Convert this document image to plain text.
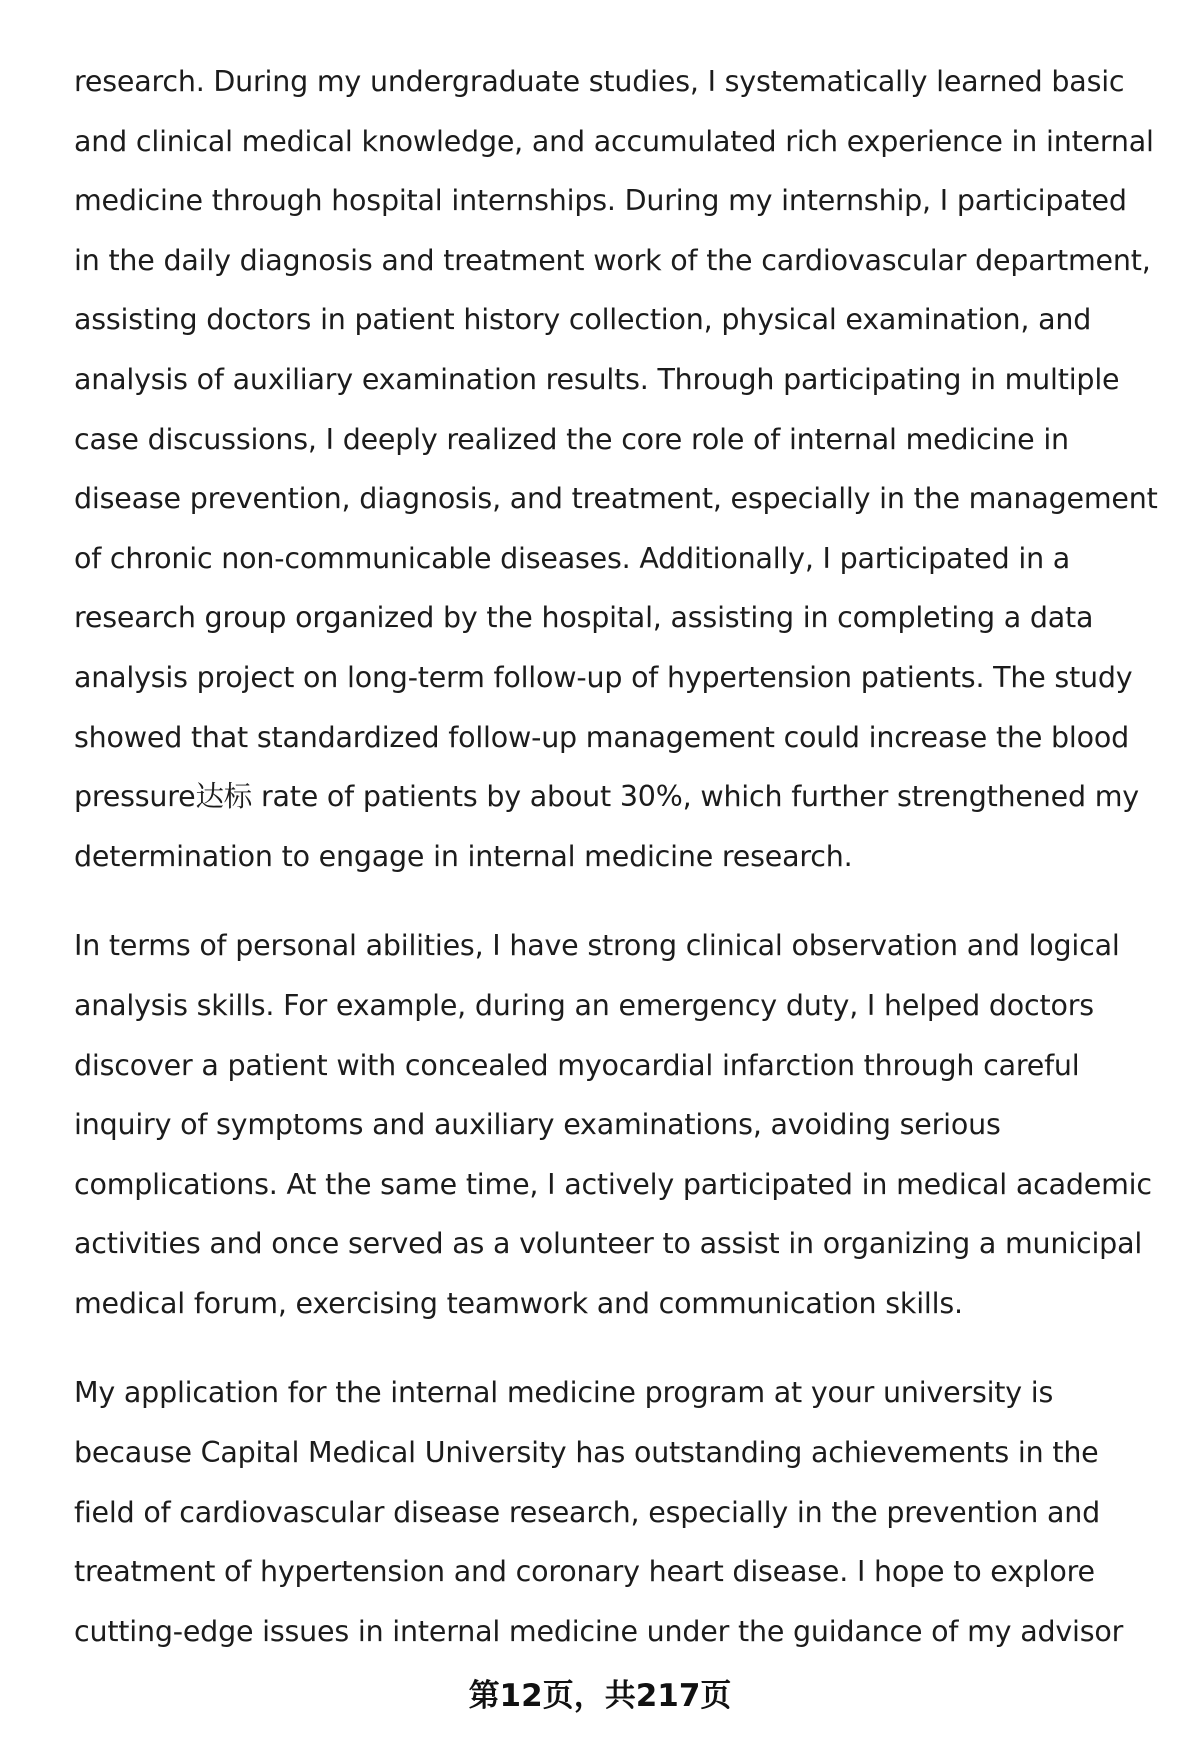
research. During my undergraduate studies, I systematically learned basic
and clinical medical knowledge, and accumulated rich experience in internal
medicine through hospital internships. During my internship, I participated
in the daily diagnosis and treatment work of the cardiovascular department,
assisting doctors in patient history collection, physical examination, and
analysis of auxiliary examination results. Through participating in multiple
case discussions, I deeply realized the core role of internal medicine in
disease prevention, diagnosis, and treatment, especially in the management
of chronic non-communicable diseases. Additionally, I participated in a
research group organized by the hospital, assisting in completing a data
analysis project on long-term follow-up of hypertension patients. The study
showed that standardized follow-up management could increase the blood
pressure达标 rate of patients by about 30%, which further strengthened my
determination to engage in internal medicine research.
In terms of personal abilities, I have strong clinical observation and logical
analysis skills. For example, during an emergency duty, I helped doctors
discover a patient with concealed myocardial infarction through careful
inquiry of symptoms and auxiliary examinations, avoiding serious
complications. At the same time, I actively participated in medical academic
activities and once served as a volunteer to assist in organizing a municipal
medical forum, exercising teamwork and communication skills.
My application for the internal medicine program at your university is
because Capital Medical University has outstanding achievements in the
field of cardiovascular disease research, especially in the prevention and
treatment of hypertension and coronary heart disease. I hope to explore
cutting-edge issues in internal medicine under the guidance of my advisor
第12页，共217页
